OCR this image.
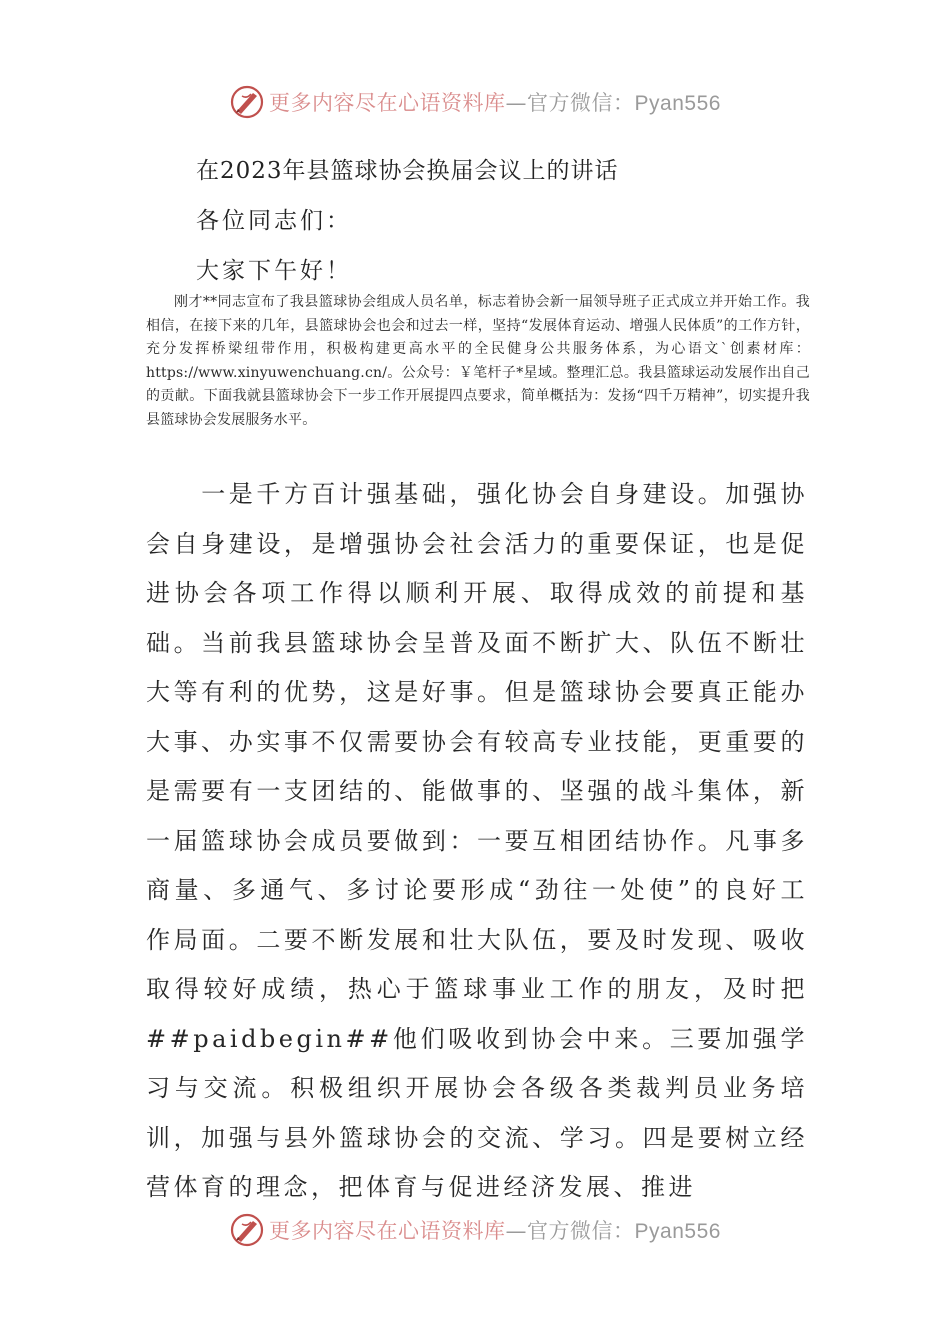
更多内容尽在心语资料库—官方微信：Pyan556
在2023年县篮球协会换届会议上的讲话
各位同志们：
大家下午好！
刚才**同志宣布了我县篮球协会组成人员名单，标志着协会新一届领导班子正式成立并开始工作。我相信，在接下来的几年，县篮球协会也会和过去一样，坚持“发展体育运动、增强人民体质”的工作方针，充分发挥桥梁纽带作用，积极构建更高水平的全民健身公共服务体系，为心语文`创素材库：https://www.xinyuwenchuang.cn/。公众号：￥笔杆子*星域。整理汇总。我县篮球运动发展作出自己的贡献。下面我就县篮球协会下一步工作开展提四点要求，简单概括为：发扬“四千万精神”，切实提升我县篮球协会发展服务水平。
一是千方百计强基础，强化协会自身建设。加强协会自身建设，是增强协会社会活力的重要保证，也是促进协会各项工作得以顺利开展、取得成效的前提和基础。当前我县篮球协会呈普及面不断扩大、队伍不断壮大等有利的优势，这是好事。但是篮球协会要真正能办大事、办实事不仅需要协会有较高专业技能，更重要的是需要有一支团结的、能做事的、坚强的战斗集体，新一届篮球协会成员要做到：一要互相团结协作。凡事多商量、多通气、多讨论要形成“劲往一处使”的良好工作局面。二要不断发展和壮大队伍，要及时发现、吸收取得较好成绩，热心于篮球事业工作的朋友，及时把##paidbegin##他们吸收到协会中来。三要加强学习与交流。积极组织开展协会各级各类裁判员业务培训，加强与县外篮球协会的交流、学习。四是要树立经营体育的理念，把体育与促进经济发展、推进
更多内容尽在心语资料库—官方微信：Pyan556
